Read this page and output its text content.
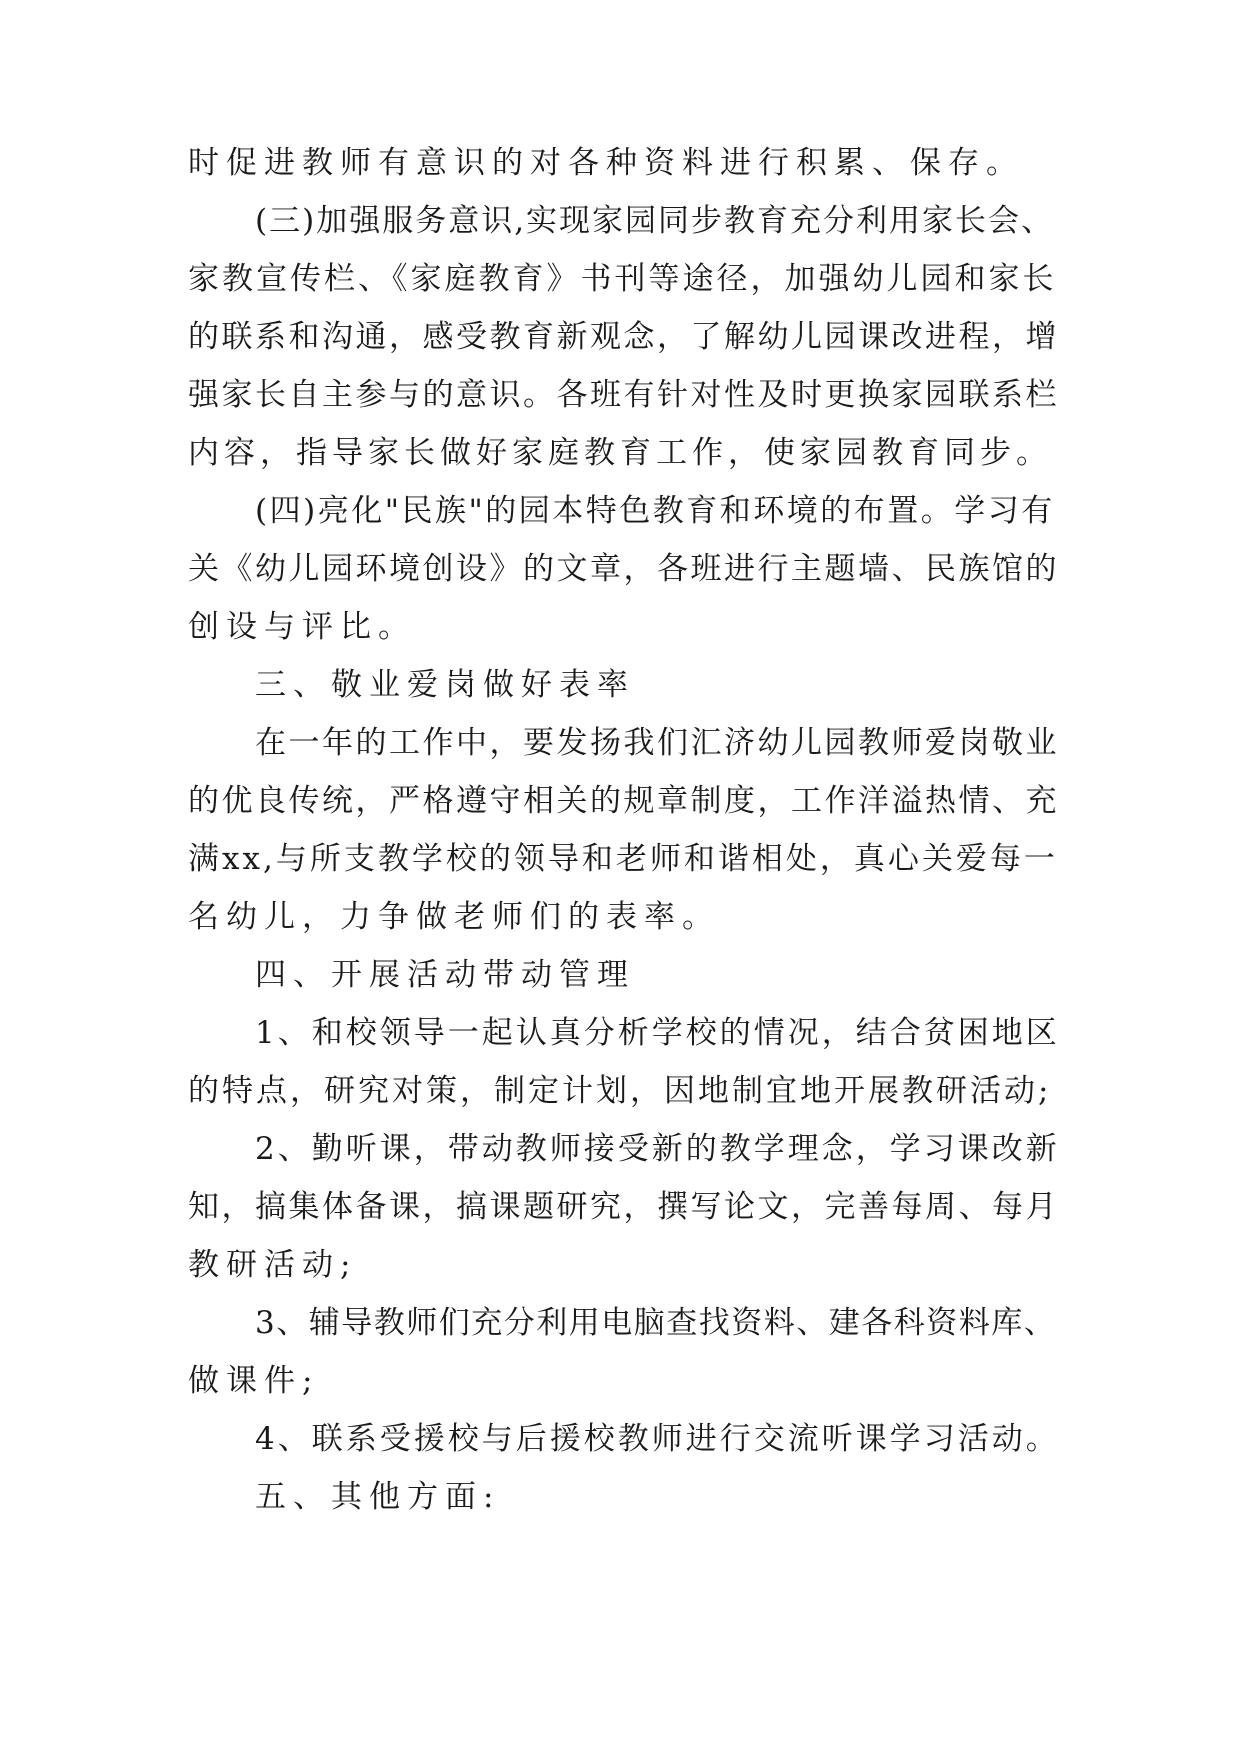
时促进教师有意识的对各种资料进行积累、保存。
(三)加强服务意识,实现家园同步教育充分利用家长会、
家教宣传栏、《家庭教育》书刊等途径，加强幼儿园和家长
的联系和沟通，感受教育新观念，了解幼儿园课改进程，增
强家长自主参与的意识。各班有针对性及时更换家园联系栏
内容，指导家长做好家庭教育工作，使家园教育同步。
(四)亮化"民族"的园本特色教育和环境的布置。学习有
关《幼儿园环境创设》的文章，各班进行主题墙、民族馆的
创设与评比。
三、敬业爱岗做好表率
在一年的工作中，要发扬我们汇济幼儿园教师爱岗敬业
的优良传统，严格遵守相关的规章制度，工作洋溢热情、充
满xx,与所支教学校的领导和老师和谐相处，真心关爱每一
名幼儿，力争做老师们的表率。
四、开展活动带动管理
1、和校领导一起认真分析学校的情况，结合贫困地区
的特点，研究对策，制定计划，因地制宜地开展教研活动;
2、勤听课，带动教师接受新的教学理念，学习课改新
知，搞集体备课，搞课题研究，撰写论文，完善每周、每月
教研活动;
3、辅导教师们充分利用电脑查找资料、建各科资料库、
做课件;
4、联系受援校与后援校教师进行交流听课学习活动。
五、其他方面:
